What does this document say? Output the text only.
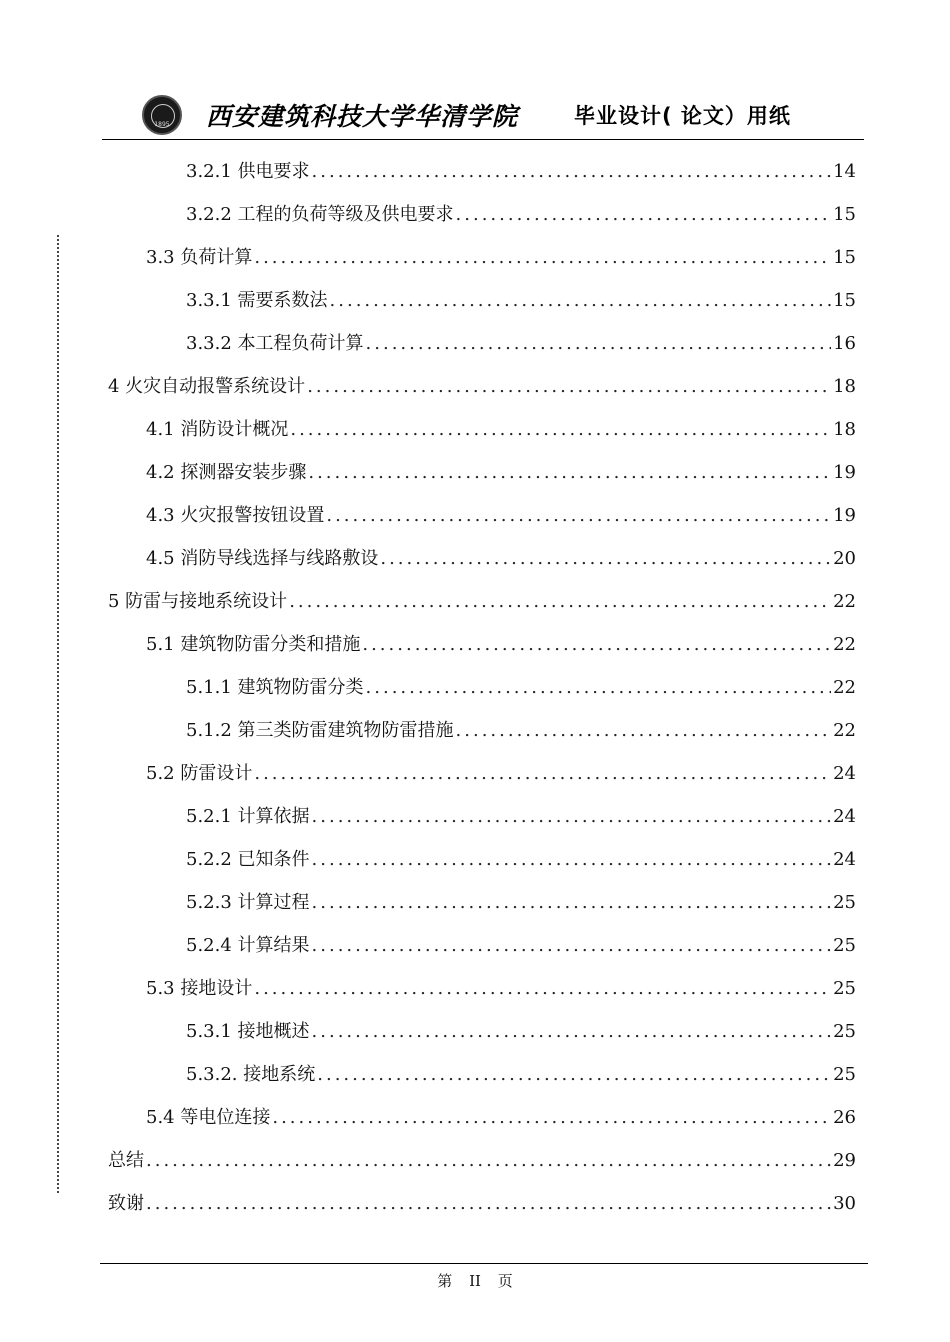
1895	西安建筑科技大学华清学院	毕业设计( 论文）用纸
3.2.1 供电要求 .....	14
3.2.2 工程的负荷等级及供电要求 .....	15
3.3 负荷计算 .....	15
3.3.1 需要系数法 .....	15
3.3.2 本工程负荷计算 .....	16
4 火灾自动报警系统设计 .....	18
4.1 消防设计概况 .....	18
4.2 探测器安装步骤 .....	19
4.3 火灾报警按钮设置 .....	19
4.5 消防导线选择与线路敷设 .....	20
5 防雷与接地系统设计 .....	22
5.1 建筑物防雷分类和措施 .....	22
5.1.1 建筑物防雷分类 .....	22
5.1.2 第三类防雷建筑物防雷措施 .....	22
5.2 防雷设计 .....	24
5.2.1 计算依据 .....	24
5.2.2 已知条件 .....	24
5.2.3 计算过程 .....	25
5.2.4 计算结果 .....	25
5.3 接地设计 .....	25
5.3.1 接地概述 .....	25
5.3.2. 接地系统 .....	25
5.4 等电位连接 .....	26
总结 .....	29
致谢 .....	30
第 II 页
